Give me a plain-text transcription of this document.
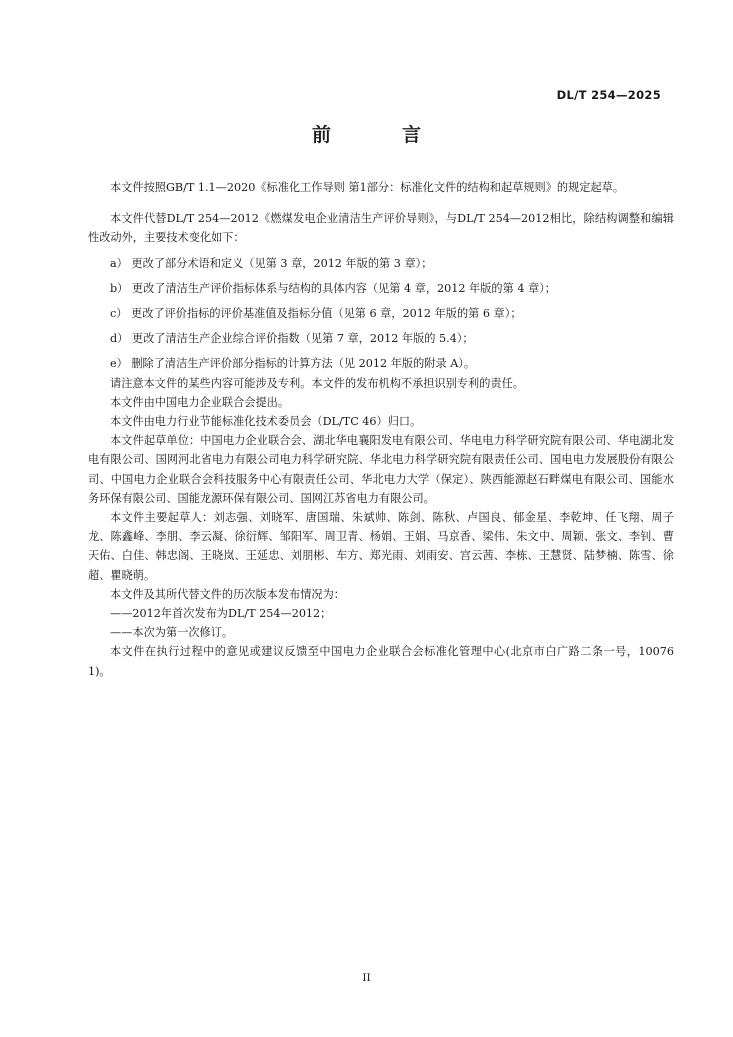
DL/T 254—2025
前　言

本文件按照GB/T 1.1—2020《标准化工作导则 第1部分：标准化文件的结构和起草规则》的规定起草。

本文件代替DL/T 254—2012《燃煤发电企业清洁生产评价导则》，与DL/T 254—2012相比，除结构调整和编辑性改动外，主要技术变化如下：

a） 更改了部分术语和定义（见第 3 章，2012 年版的第 3 章）；

b） 更改了清洁生产评价指标体系与结构的具体内容（见第 4 章，2012 年版的第 4 章）；

c） 更改了评价指标的评价基准值及指标分值（见第 6 章，2012 年版的第 6 章）；

d） 更改了清洁生产企业综合评价指数（见第 7 章，2012 年版的 5.4）；

e） 删除了清洁生产评价部分指标的计算方法（见 2012 年版的附录 A）。

请注意本文件的某些内容可能涉及专利。本文件的发布机构不承担识别专利的责任。

本文件由中国电力企业联合会提出。

本文件由电力行业节能标准化技术委员会（DL/TC 46）归口。

本文件起草单位：中国电力企业联合会、湖北华电襄阳发电有限公司、华电电力科学研究院有限公司、华电湖北发电有限公司、国网河北省电力有限公司电力科学研究院、华北电力科学研究院有限责任公司、国电电力发展股份有限公司、中国电力企业联合会科技服务中心有限责任公司、华北电力大学（保定）、陕西能源赵石畔煤电有限公司、国能水务环保有限公司、国能龙源环保有限公司、国网江苏省电力有限公司。

本文件主要起草人：刘志强、刘晓军、唐国瑞、朱斌帅、陈剑、陈秋、卢国良、郁金星、李乾坤、任飞翔、周子龙、陈鑫峰、李朋、李云凝、徐衍辉、邹阳军、周卫青、杨娟、王娟、马京香、梁伟、朱文中、周颖、张文、李钊、曹天佑、白佳、韩忠阁、王晓岚、王延忠、刘朋彬、车方、郑光雨、刘雨安、宫云茜、李栋、王慧贤、陆梦楠、陈雪、徐超、瞿晓萌。

本文件及其所代替文件的历次版本发布情况为：

——2012年首次发布为DL/T 254—2012；

——本次为第一次修订。

本文件在执行过程中的意见或建议反馈至中国电力企业联合会标准化管理中心(北京市白广路二条一号，100761)。

II
